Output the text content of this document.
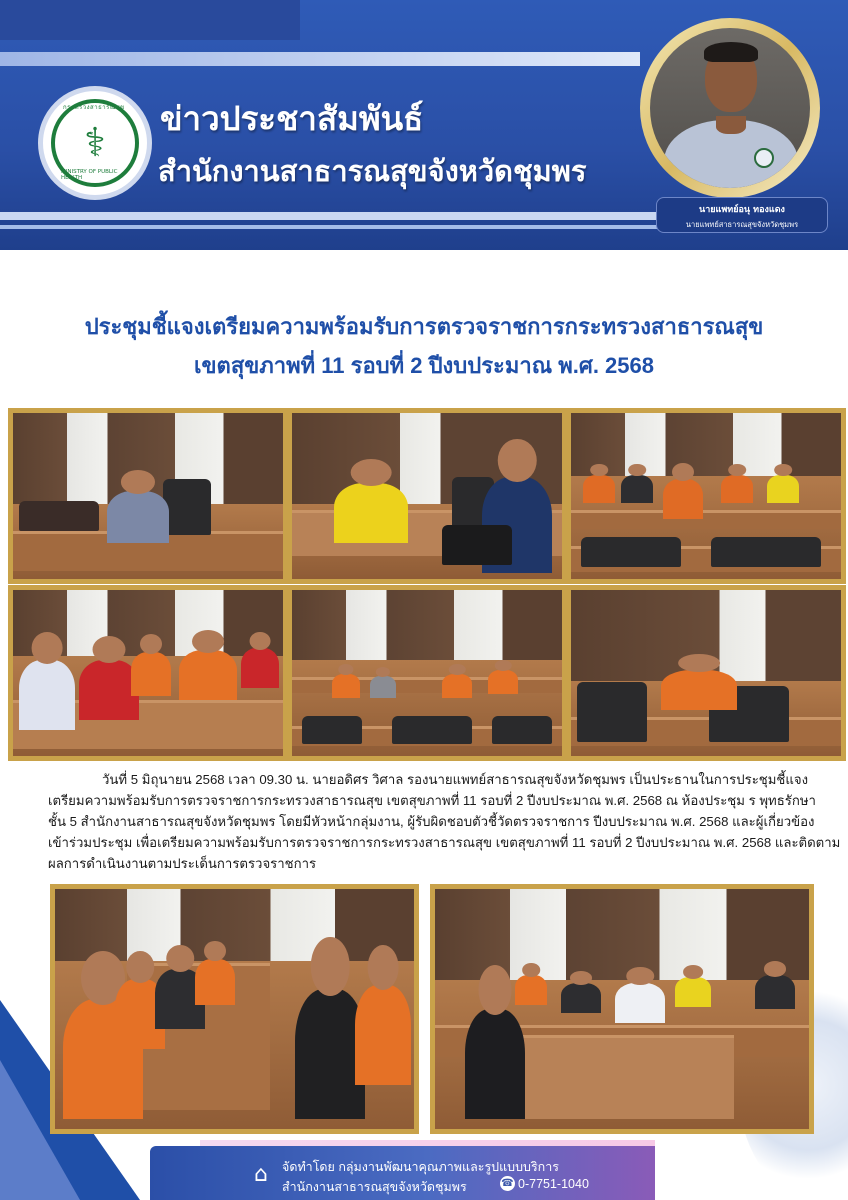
กระทรวงสาธารณสุข
⚕
MINISTRY OF PUBLIC HEALTH
ข่าวประชาสัมพันธ์
สำนักงานสาธารณสุขจังหวัดชุมพร
นายแพทย์อนุ ทองแดง
นายแพทย์สาธารณสุขจังหวัดชุมพร
ประชุมชี้แจงเตรียมความพร้อมรับการตรวจราชการกระทรวงสาธารณสุข
เขตสุขภาพที่ 11 รอบที่ 2 ปีงบประมาณ พ.ศ. 2568

วันที่ 5 มิถุนายน 2568 เวลา 09.30 น. นายอดิศร วิศาล รองนายแพทย์สาธารณสุขจังหวัดชุมพร เป็นประธานในการประชุมชี้แจง

เตรียมความพร้อมรับการตรวจราชการกระทรวงสาธารณสุข เขตสุขภาพที่ 11 รอบที่ 2 ปีงบประมาณ พ.ศ. 2568 ณ ห้องประชุม ร พุทธรักษา

ชั้น 5 สำนักงานสาธารณสุขจังหวัดชุมพร โดยมีหัวหน้ากลุ่มงาน, ผู้รับผิดชอบตัวชี้วัดตรวจราชการ ปีงบประมาณ พ.ศ. 2568 และผู้เกี่ยวข้อง

เข้าร่วมประชุม เพื่อเตรียมความพร้อมรับการตรวจราชการกระทรวงสาธารณสุข เขตสุขภาพที่ 11 รอบที่ 2 ปีงบประมาณ พ.ศ. 2568 และติดตาม

ผลการดำเนินงานตามประเด็นการตรวจราชการ

⌂	จัดทำโดย กลุ่มงานพัฒนาคุณภาพและรูปแบบบริการ
สำนักงานสาธารณสุขจังหวัดชุมพร	☎ 0-7751-1040
